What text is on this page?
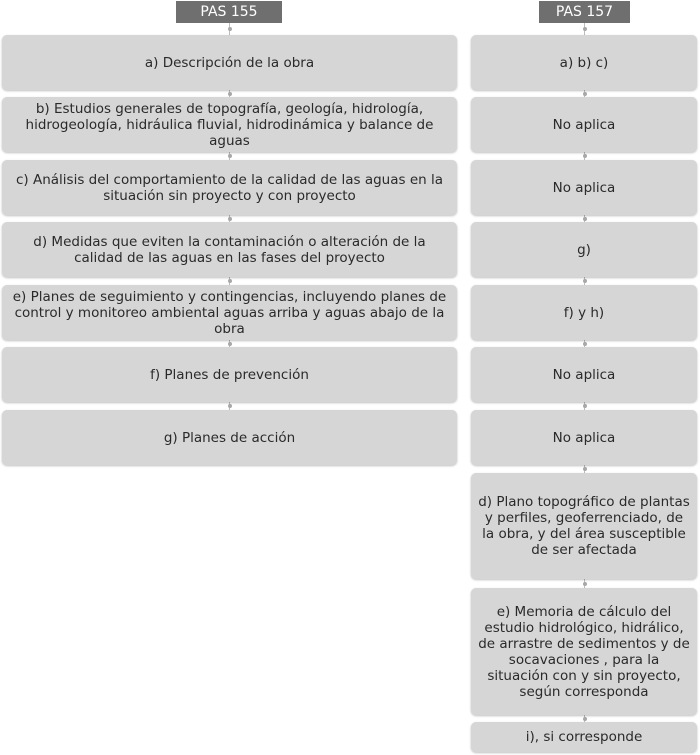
PAS 155	PAS 157
a) Descripción de la obra
b) Estudios generales de topografía, geología, hidrología, hidrogeología, hidráulica fluvial, hidrodinámica y balance de aguas
c) Análisis del comportamiento de la calidad de las aguas en la situación sin proyecto y con proyecto
d) Medidas que eviten la contaminación o alteración de la calidad de las aguas en las fases del proyecto
e) Planes de seguimiento y contingencias, incluyendo planes de control y monitoreo ambiental aguas arriba y aguas abajo de la obra
f) Planes de prevención
g) Planes de acción
a) b) c)
No aplica
No aplica
g)
f) y h)
No aplica
No aplica
d) Plano topográfico de plantas y perfiles, geoferrenciado, de la obra, y del área susceptible de ser afectada
e) Memoria de cálculo del estudio hidrológico, hidrálico, de arrastre de sedimentos y de socavaciones , para la situación con y sin proyecto, según corresponda
i), si corresponde
